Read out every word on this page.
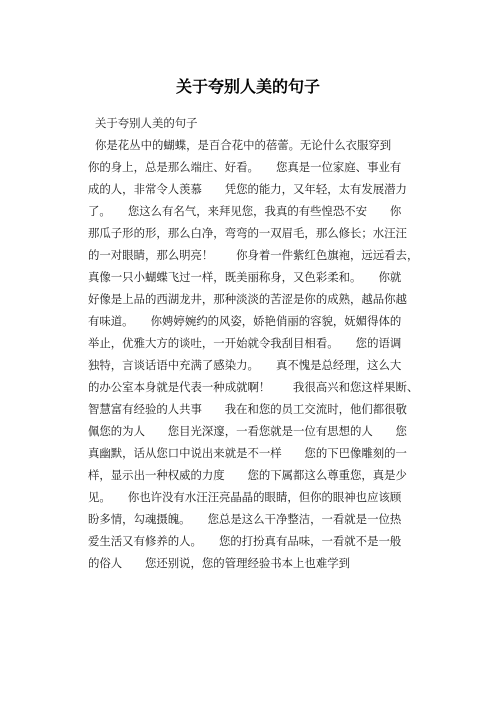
关于夸别人美的句子
关于夸别人美的句子
你是花丛中的蝴蝶，是百合花中的蓓蕾。无论什么衣服穿到
你的身上，总是那么端庄、好看。　　您真是一位家庭、事业有
成的人，非常令人羡慕　　凭您的能力，又年轻，太有发展潜力
了。　　您这么有名气，来拜见您，我真的有些惶恐不安　　你
那瓜子形的形，那么白净，弯弯的一双眉毛，那么修长；水汪汪
的一对眼睛，那么明亮！　　你身着一件紫红色旗袍，远远看去，
真像一只小蝴蝶飞过一样，既美丽称身，又色彩柔和。　　你就
好像是上品的西湖龙井，那种淡淡的苦涩是你的成熟，越品你越
有味道。　　你娉婷婉约的风姿，娇艳俏丽的容貌，妩媚得体的
举止，优雅大方的谈吐，一开始就令我刮目相看。　　您的语调
独特，言谈话语中充满了感染力。　　真不愧是总经理，这么大
的办公室本身就是代表一种成就啊！　　我很高兴和您这样果断、
智慧富有经验的人共事　　我在和您的员工交流时，他们都很敬
佩您的为人　　您目光深邃，一看您就是一位有思想的人　　您
真幽默，话从您口中说出来就是不一样　　您的下巴像雕刻的一
样，显示出一种权威的力度　　您的下属都这么尊重您，真是少
见。　　你也许没有水汪汪亮晶晶的眼睛，但你的眼神也应该顾
盼多情，勾魂摄魄。　　您总是这么干净整洁，一看就是一位热
爱生活又有修养的人。　　您的打扮真有品味，一看就不是一般
的俗人　　您还别说，您的管理经验书本上也难学到
